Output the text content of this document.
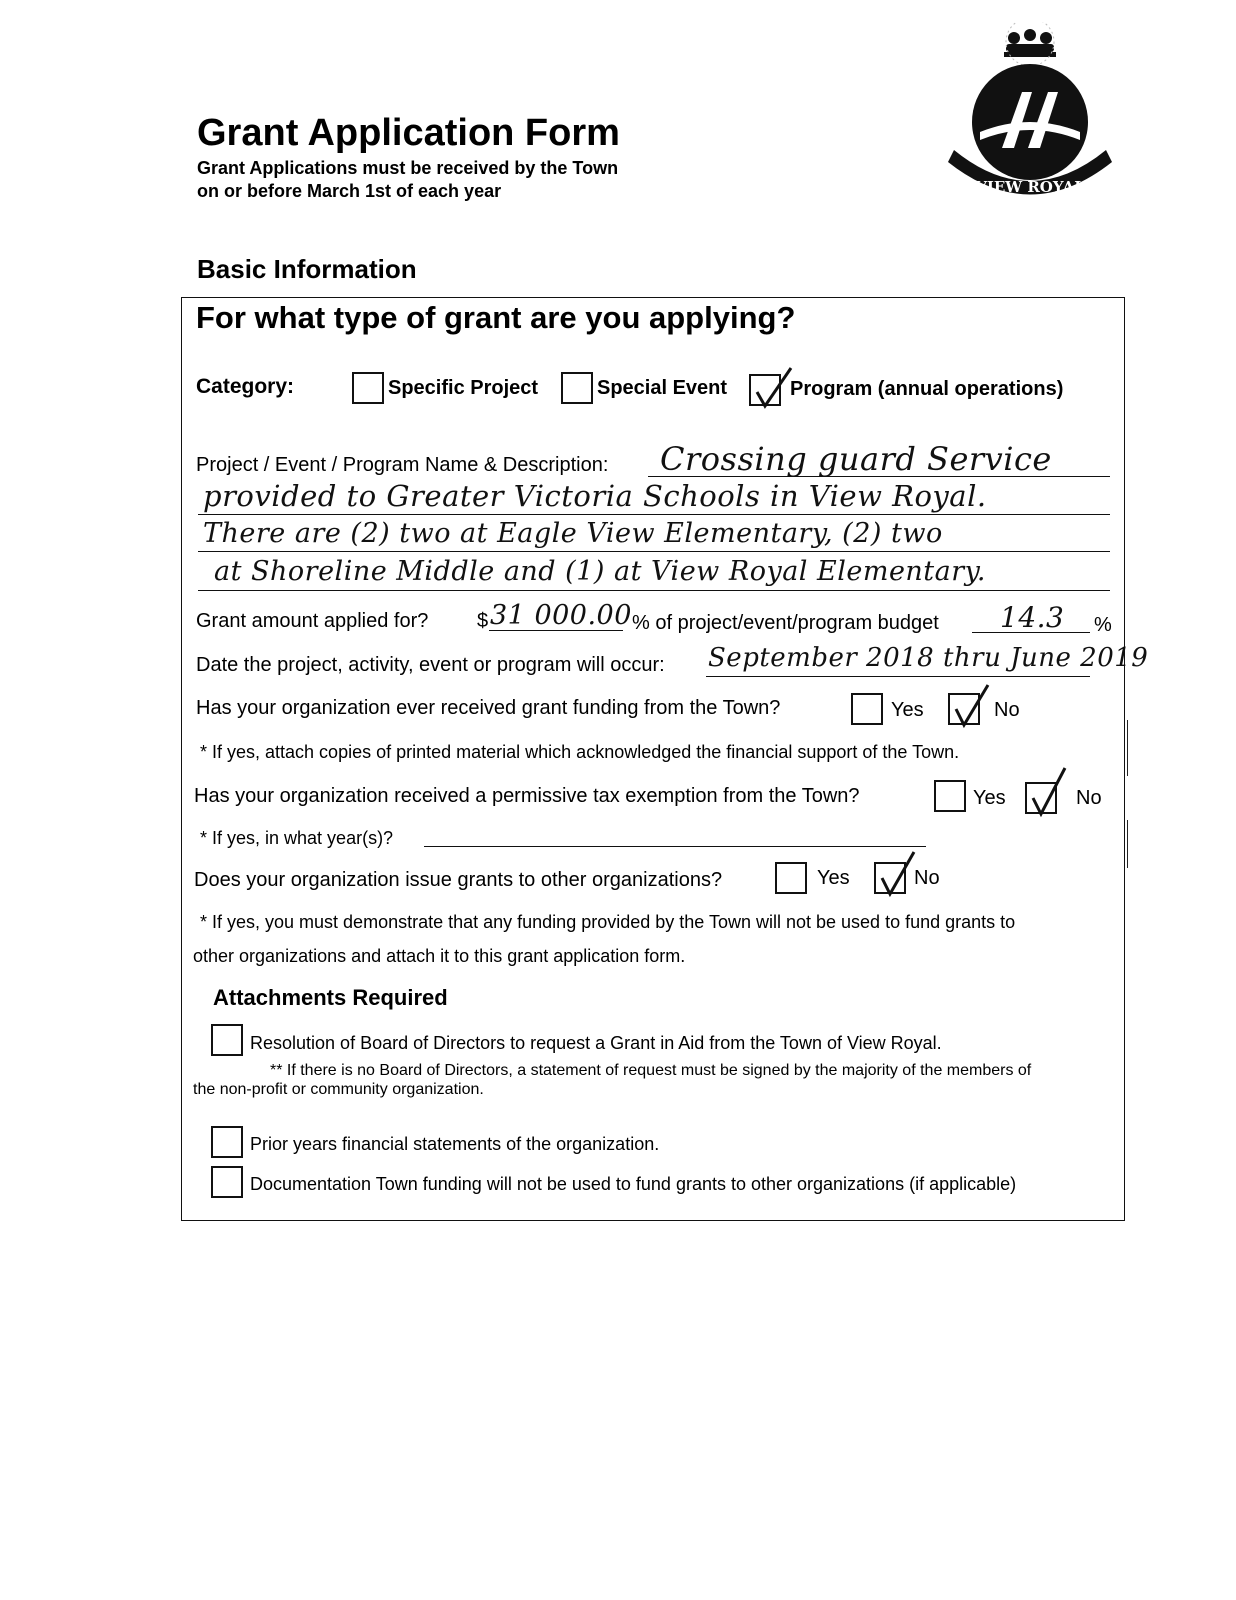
Grant Application Form
Grant Applications must be received by the Town
on or before March 1st of each year	VIEW ROYAL
Basic Information
For what type of grant are you applying?
Category:	Specific Project	Special Event	Program (annual operations)
Project / Event / Program Name & Description: Crossing guard Service
provided to Greater Victoria Schools in View Royal.
There are (2) two at Eagle View Elementary, (2) two
at Shoreline Middle and (1) at View Royal Elementary.
Grant amount applied for? $ 31 000.00 % of project/event/program budget 14.3 %
Date the project, activity, event or program will occur: September 2018 thru June 2019
Has your organization ever received grant funding from the Town?	Yes	No
* If yes, attach copies of printed material which acknowledged the financial support of the Town.
Has your organization received a permissive tax exemption from the Town?	Yes	No
* If yes, in what year(s)?
Does your organization issue grants to other organizations?	Yes	No
* If yes, you must demonstrate that any funding provided by the Town will not be used to fund grants to
other organizations and attach it to this grant application form.
Attachments Required
Resolution of Board of Directors to request a Grant in Aid from the Town of View Royal.
** If there is no Board of Directors, a statement of request must be signed by the majority of the members of
the non-profit or community organization.
Prior years financial statements of the organization.
Documentation Town funding will not be used to fund grants to other organizations (if applicable)
